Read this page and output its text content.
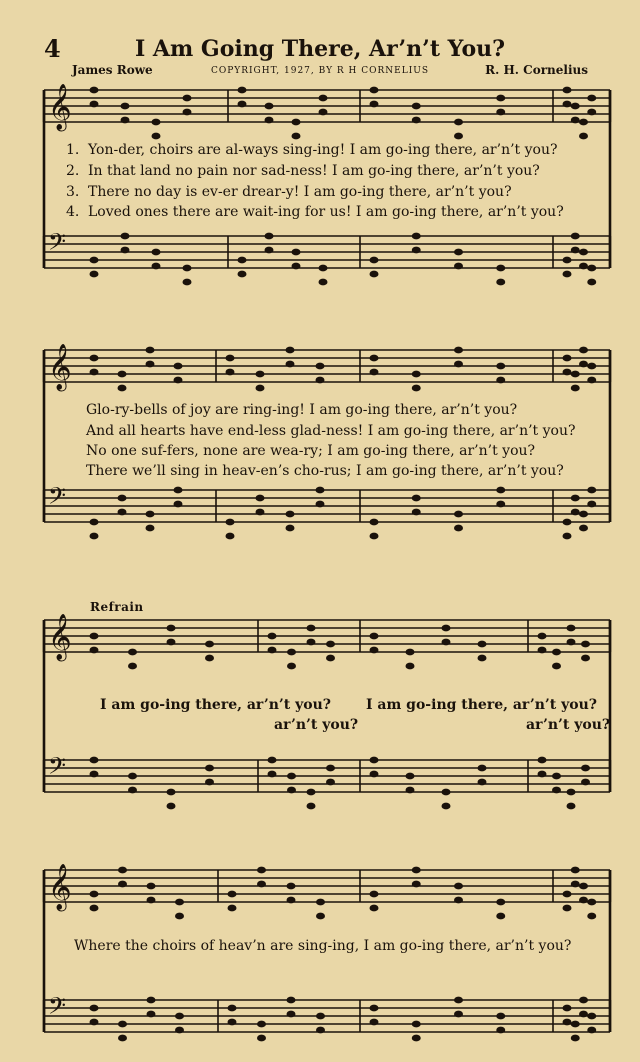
4	I Am Going There, Ar’n’t You?
James Rowe	COPYRIGHT, 1927, BY R H CORNELIUS	R. H. Cornelius
𝄞
𝄢
𝄞
𝄢
𝄞
𝄢
𝄞
𝄢
1. Yon-der, choirs are al-ways sing-ing! I am go-ing there, ar’n’t you?
2. In that land no pain nor sad-ness! I am go-ing there, ar’n’t you?
3. There no day is ev-er drear-y! I am go-ing there, ar’n’t you?
4. Loved ones there are wait-ing for us! I am go-ing there, ar’n’t you?
Glo-ry-bells of joy are ring-ing! I am go-ing there, ar’n’t you?
And all hearts have end-less glad-ness! I am go-ing there, ar’n’t you?
No one suf-fers, none are wea-ry; I am go-ing there, ar’n’t you?
There we’ll sing in heav-en’s cho-rus; I am go-ing there, ar’n’t you?
Refrain
I am go-ing there, ar’n’t you?	I am go-ing there, ar’n’t you?
ar’n’t you?	ar’n’t you?
Where the choirs of heav’n are sing-ing, I am go-ing there, ar’n’t you?
